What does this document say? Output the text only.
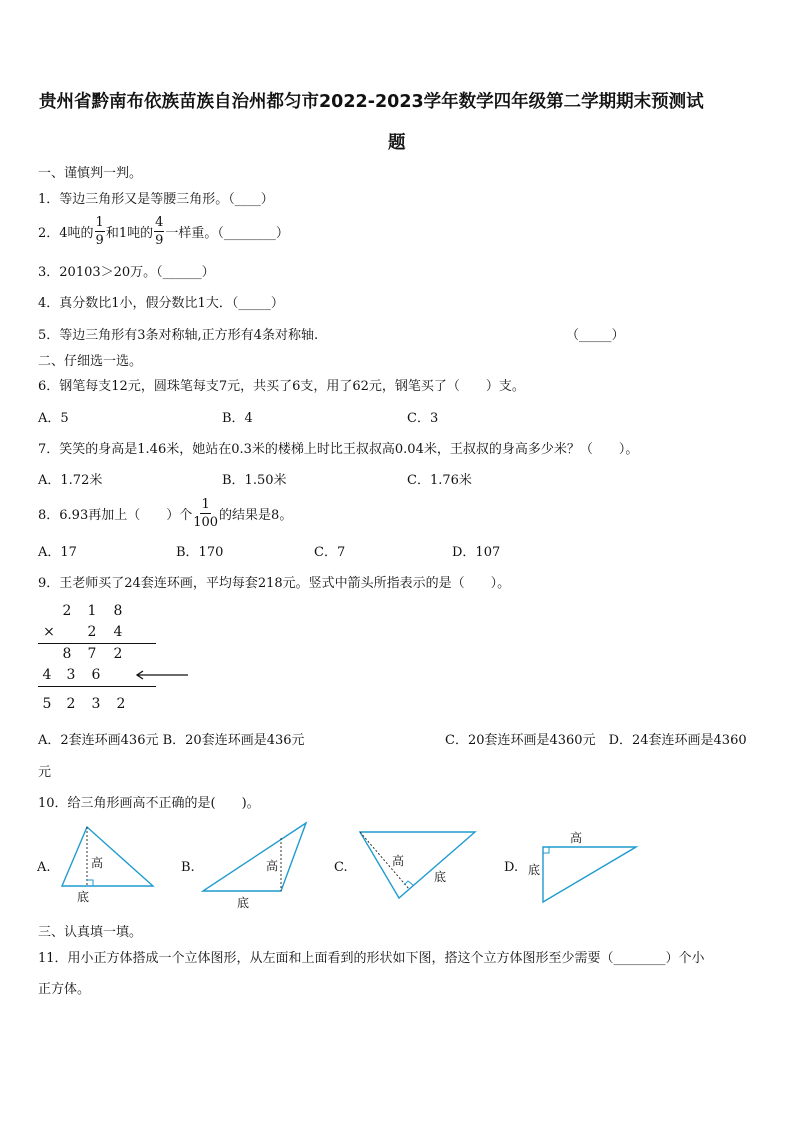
贵州省黔南布依族苗族自治州都匀市2022-2023学年数学四年级第二学期期末预测试
题
一、谨慎判一判。
1．等边三角形又是等腰三角形。（____）
2．4吨的 $\frac{1}{9}$ 和1吨的 $\frac{4}{9}$ 一样重。（________）
3．20103＞20万。（______）
4．真分数比1小，假分数比1大．（_____）
5．等边三角形有3条对称轴,正方形有4条对称轴.	（_____）
二、仔细选一选。
6．钢笔每支12元，圆珠笔每支7元，共买了6支，用了62元，钢笔买了（　　）支。
A．5	B．4	C．3
7．笑笑的身高是1.46米，她站在0.3米的楼梯上时比王叔叔高0.04米，王叔叔的身高多少米？（　　）。
A．1.72米	B．1.50米	C．1.76米
8．6.93再加上（　　）个 $\frac{1}{100}$ 的结果是8。
A．17	B．170	C．7	D．107
9．王老师买了24套连环画，平均每套218元。竖式中箭头所指表示的是（　　）。
2 1 8
× 2 4
8 7 2
4 3 6
5 2 3 2
A．2套连环画436元 B．20套连环画是436元	C．20套连环画是4360元　D．24套连环画是4360
元
10．给三角形画高不正确的是(　　)。
A.	B.	C.	D.
高
底
高
底
高
底
高
底
三、认真填一填。
11．用小正方体搭成一个立体图形，从左面和上面看到的形状如下图，搭这个立方体图形至少需要（________）个小
正方体。
